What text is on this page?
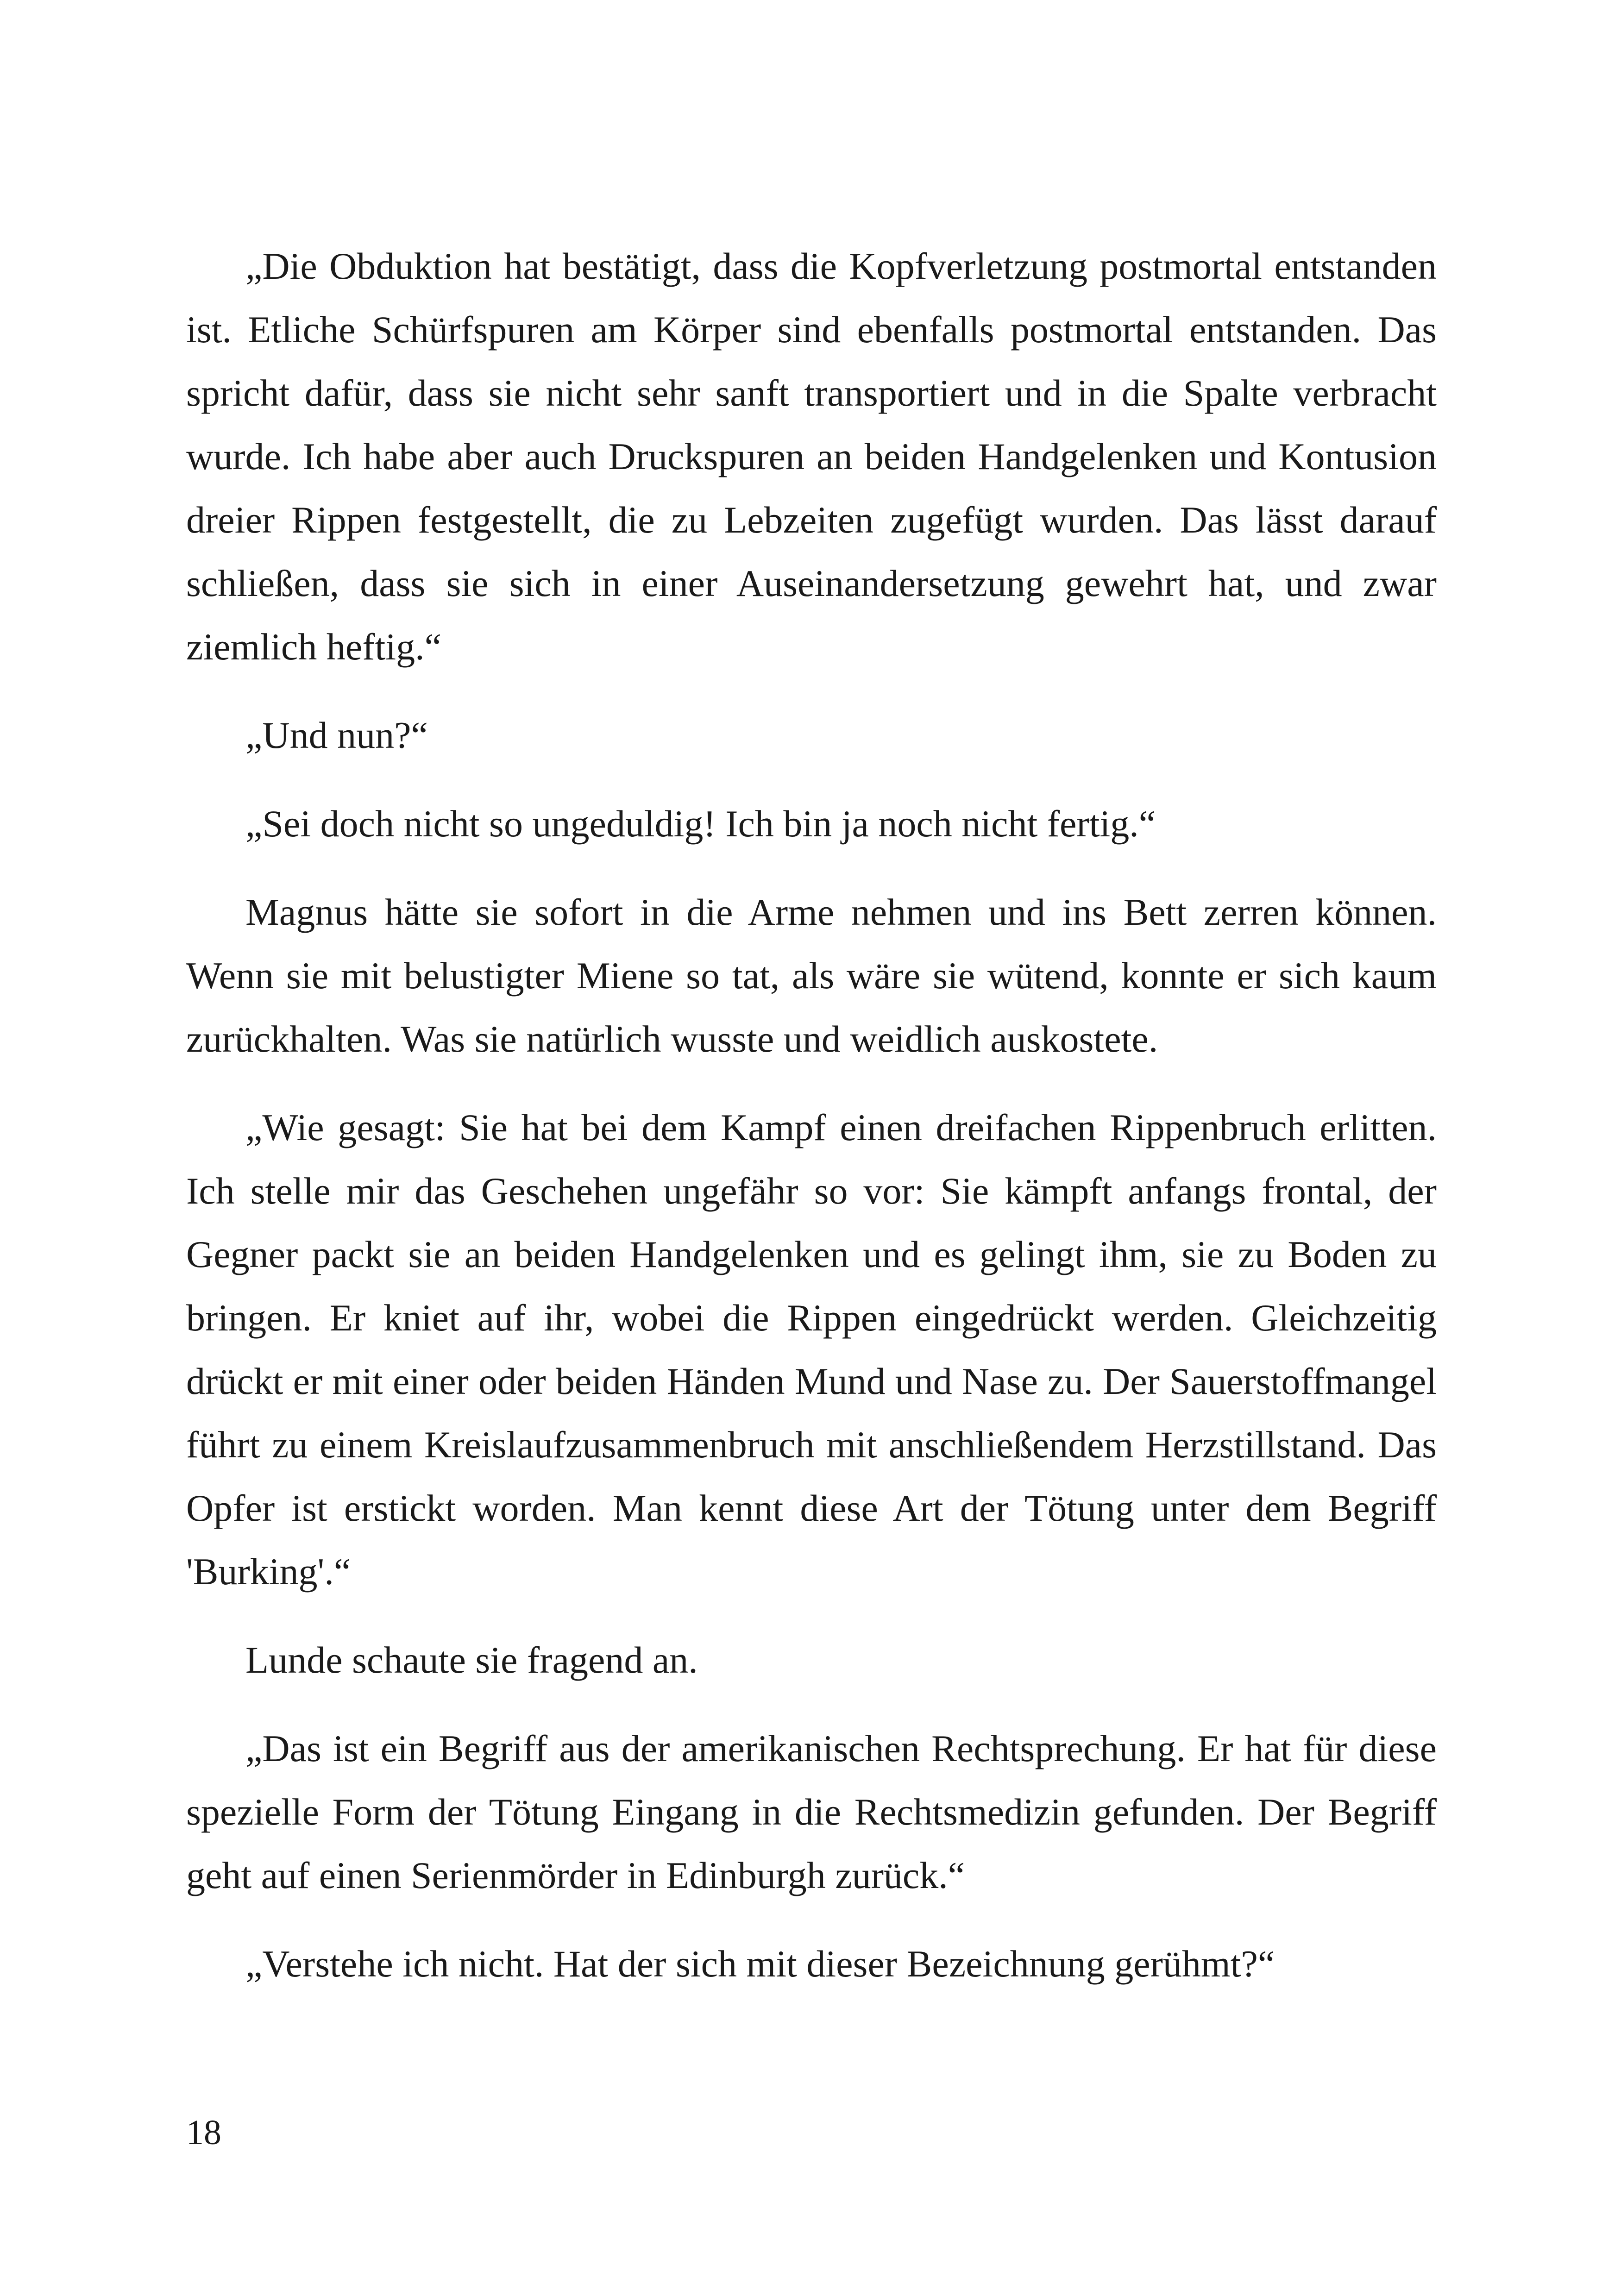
„Die Obduktion hat bestätigt, dass die Kopfverletzung postmortal entstanden ist. Etliche Schürfspuren am Körper sind ebenfalls postmortal entstanden. Das spricht dafür, dass sie nicht sehr sanft transportiert und in die Spalte verbracht wurde. Ich habe aber auch Druckspuren an beiden Handgelenken und Kontusion dreier Rippen festgestellt, die zu Lebzeiten zugefügt wurden. Das lässt darauf schließen, dass sie sich in einer Auseinandersetzung gewehrt hat, und zwar ziemlich heftig.“

„Und nun?“

„Sei doch nicht so ungeduldig! Ich bin ja noch nicht fertig.“

Magnus hätte sie sofort in die Arme nehmen und ins Bett zerren können. Wenn sie mit belustigter Miene so tat, als wäre sie wütend, konnte er sich kaum zurückhalten. Was sie natürlich wusste und weidlich auskostete.

„Wie gesagt: Sie hat bei dem Kampf einen dreifachen Rippenbruch erlitten. Ich stelle mir das Geschehen ungefähr so vor: Sie kämpft anfangs frontal, der Gegner packt sie an beiden Handgelenken und es gelingt ihm, sie zu Boden zu bringen. Er kniet auf ihr, wobei die Rippen eingedrückt werden. Gleichzeitig drückt er mit einer oder beiden Händen Mund und Nase zu. Der Sauerstoffmangel führt zu einem Kreislaufzusammenbruch mit anschließendem Herzstillstand. Das Opfer ist erstickt worden. Man kennt diese Art der Tötung unter dem Begriff 'Burking'.“

Lunde schaute sie fragend an.

„Das ist ein Begriff aus der amerikanischen Rechtsprechung. Er hat für diese spezielle Form der Tötung Eingang in die Rechtsmedizin gefunden. Der Begriff geht auf einen Serienmörder in Edinburgh zurück.“

„Verstehe ich nicht. Hat der sich mit dieser Bezeichnung gerühmt?“

18
